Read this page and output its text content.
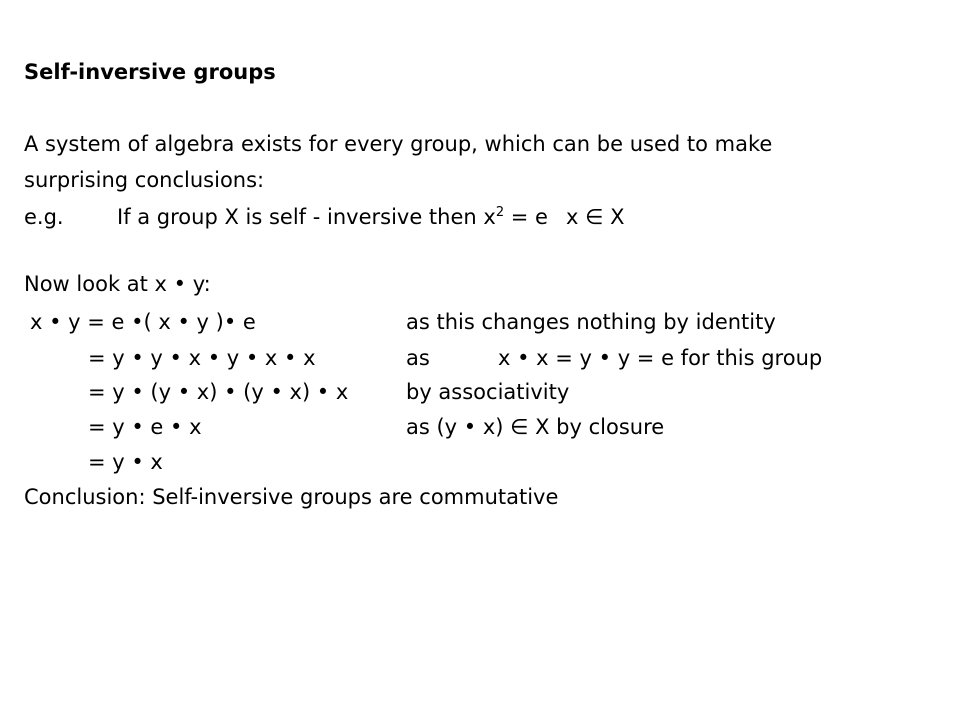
Self-inversive groups
A system of algebra exists for every group, which can be used to make
surprising conclusions:
e.g.	If a group X is self - inversive then $x^2 = e$ x ∈ X
Now look at x • y:
x • y = e •( x • y )• e	as this changes nothing by identity
= y • y • x • y • x • x	as	x • x = y • y = e for this group
= y • (y • x) • (y • x) • x	by associativity
= y • e • x	as (y • x) ∈ X by closure
= y • x
Conclusion: Self-inversive groups are commutative
